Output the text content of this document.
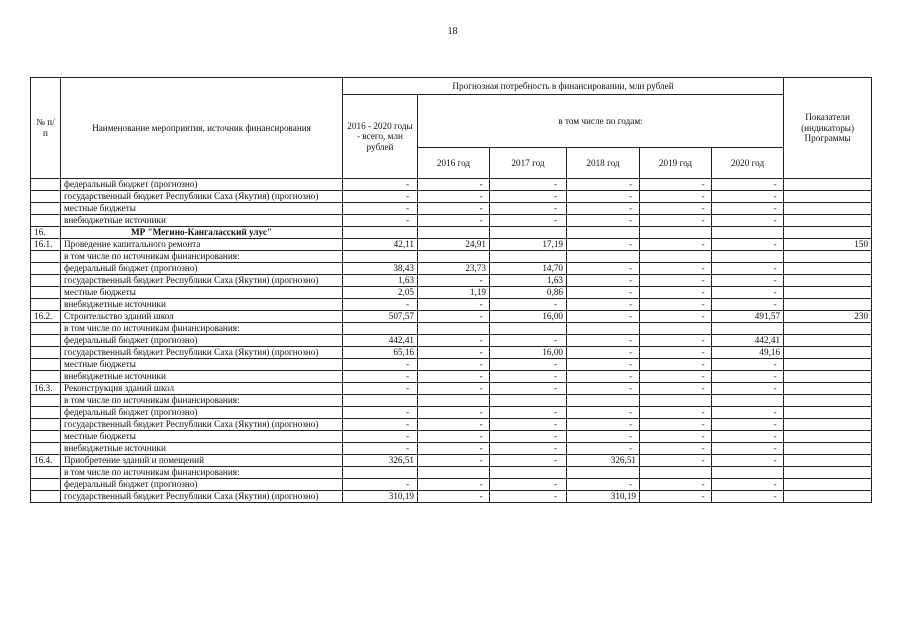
18
№ п/п	Наименование мероприятия, источник финансирования	Прогнозная потребность в финансировании, млн рублей						Показатели (индикаторы) Программы
		2016 - 2020 годы - всего, млн рублей	в том числе по годам:					
			2016 год	2017 год	2018 год	2019 год	2020 год	
	федеральный бюджет (прогнозно)	-	-	-	-	-	-	
	государственный бюджет Республики Саха (Якутия) (прогнозно)	-	-	-	-	-	-	
	местные бюджеты	-	-	-	-	-	-	
	внебюджетные источники	-	-	-	-	-	-	
16.	МР "Мегино-Кангаласский улус"							
16.1.	Проведение капитального ремонта	42,11	24,91	17,19	-	-	-	150
	в том числе по источникам финансирования:							
	федеральный бюджет (прогнозно)	38,43	23,73	14,70	-	-	-	
	государственный бюджет Республики Саха (Якутия) (прогнозно)	1,63	-	1,63	-	-	-	
	местные бюджеты	2,05	1,19	0,86	-	-	-	
	внебюджетные источники	-	-	-	-	-	-	
16.2.	Строительство зданий школ	507,57	-	16,00	-	-	491,57	230
	в том числе по источникам финансирования:							
	федеральный бюджет (прогнозно)	442,41	-	-	-	-	442,41	
	государственный бюджет Республики Саха (Якутия) (прогнозно)	65,16	-	16,00	-	-	49,16	
	местные бюджеты	-	-	-	-	-	-	
	внебюджетные источники	-	-	-	-	-	-	
16.3.	Реконструкция зданий школ	-	-	-	-	-	-	
	в том числе по источникам финансирования:							
	федеральный бюджет (прогнозно)	-	-	-	-	-	-	
	государственный бюджет Республики Саха (Якутия) (прогнозно)	-	-	-	-	-	-	
	местные бюджеты	-	-	-	-	-	-	
	внебюджетные источники	-	-	-	-	-	-	
16.4.	Приобретение зданий и помещений	326,51	-	-	326,51	-	-	
	в том числе по источникам финансирования:							
	федеральный бюджет (прогнозно)	-	-	-	-	-	-	
	государственный бюджет Республики Саха (Якутия) (прогнозно)	310,19	-	-	310,19	-	-	
